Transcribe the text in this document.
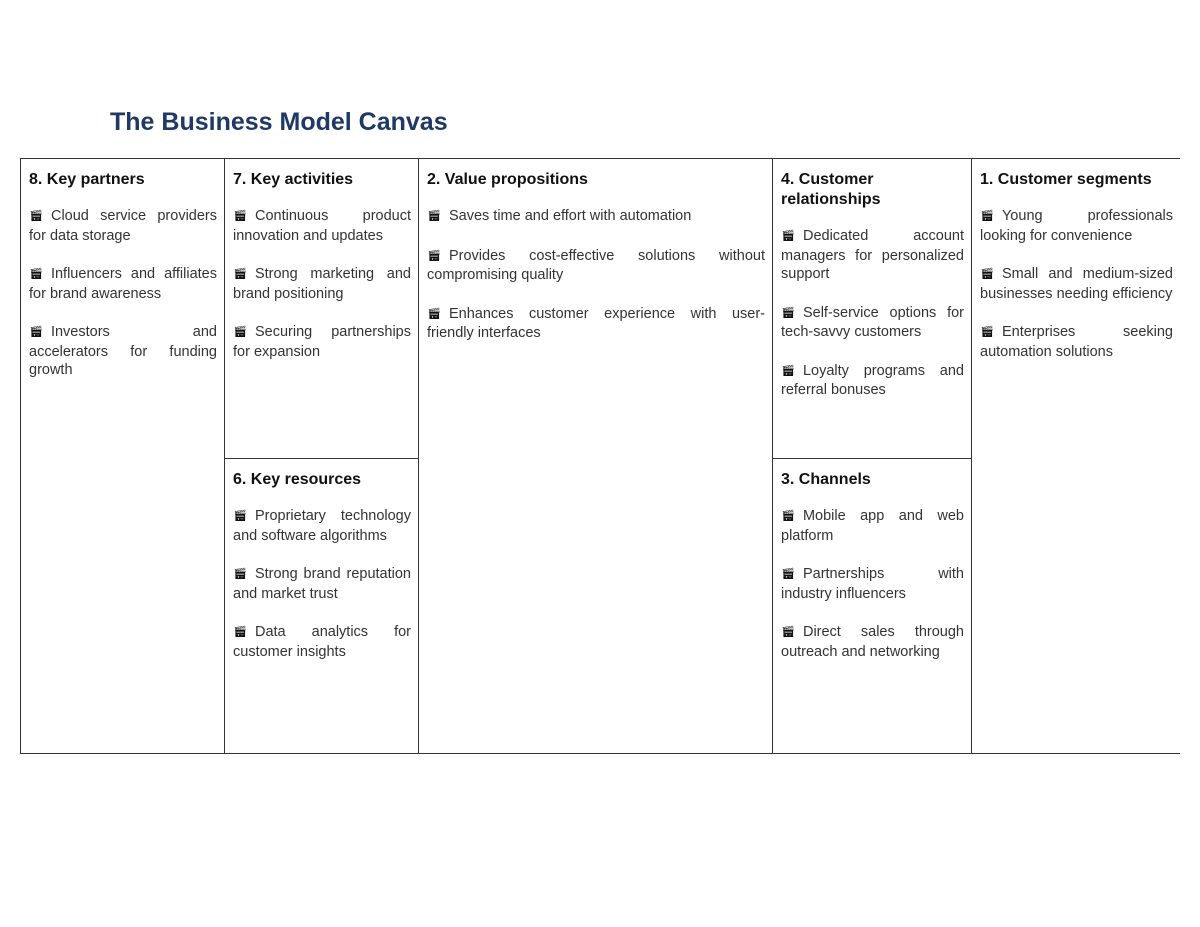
The Business Model Canvas
8. Key partners
🎬︎ Cloud service providers for data storage
🎬︎ Influencers and affiliates for brand awareness
🎬︎ Investors and accelerators for funding growth
7. Key activities
🎬︎ Continuous product innovation and updates
🎬︎ Strong marketing and brand positioning
🎬︎ Securing partnerships for expansion
6. Key resources
🎬︎ Proprietary technology and software algorithms
🎬︎ Strong brand reputation and market trust
🎬︎ Data analytics for customer insights
2. Value propositions
🎬︎ Saves time and effort with automation
🎬︎ Provides cost-effective solutions without compromising quality
🎬︎ Enhances customer experience with user-friendly interfaces
4. Customer relationships
🎬︎ Dedicated account managers for personalized support
🎬︎ Self-service options for tech-savvy customers
🎬︎ Loyalty programs and referral bonuses
3. Channels
🎬︎ Mobile app and web platform
🎬︎ Partnerships with industry influencers
🎬︎ Direct sales through outreach and networking
1. Customer segments
🎬︎ Young professionals looking for convenience
🎬︎ Small and medium-sized businesses needing efficiency
🎬︎ Enterprises seeking automation solutions
